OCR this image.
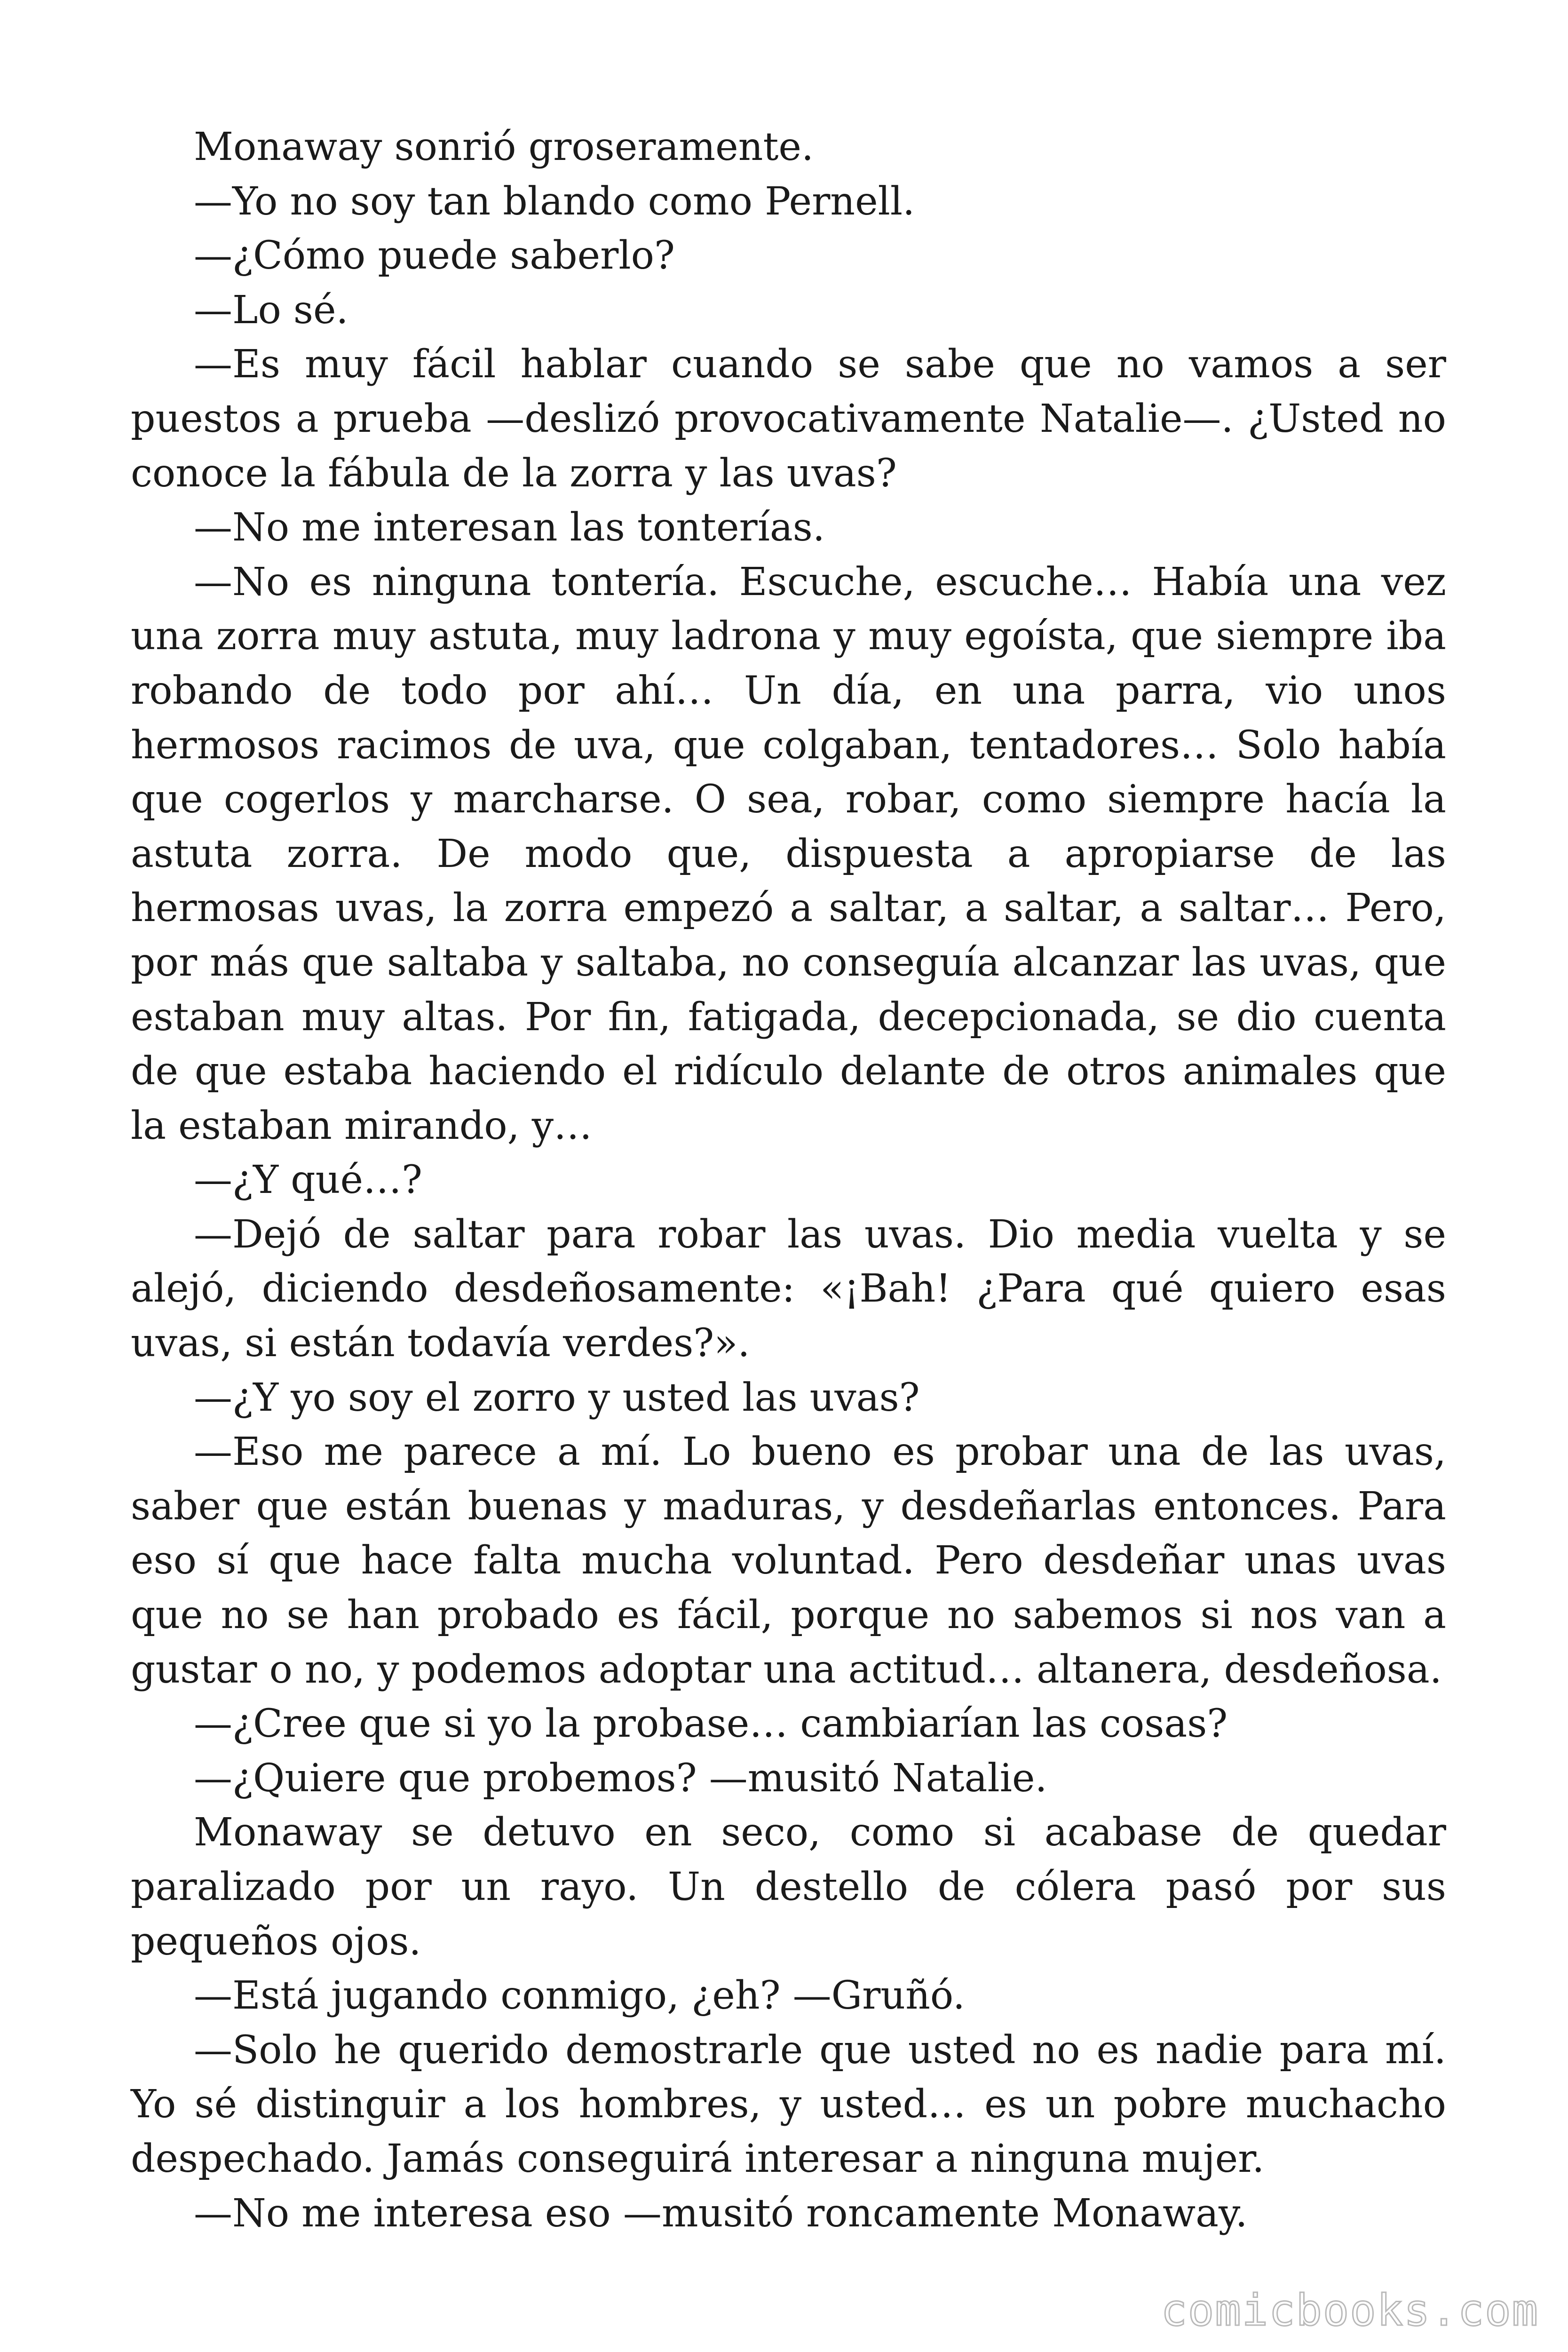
Monaway sonrió groseramente.

—Yo no soy tan blando como Pernell.

—¿Cómo puede saberlo?

—Lo sé.

—Es muy fácil hablar cuando se sabe que no vamos a ser puestos a prueba —deslizó provocativamente Natalie—. ¿Usted no conoce la fábula de la zorra y las uvas?

—No me interesan las tonterías.

—No es ninguna tontería. Escuche, escuche… Había una vez una zorra muy astuta, muy ladrona y muy egoísta, que siempre iba robando de todo por ahí… Un día, en una parra, vio unos hermosos racimos de uva, que colgaban, tentadores… Solo había que cogerlos y marcharse. O sea, robar, como siempre hacía la astuta zorra. De modo que, dispuesta a apropiarse de las hermosas uvas, la zorra empezó a saltar, a saltar, a saltar… Pero, por más que saltaba y saltaba, no conseguía alcanzar las uvas, que estaban muy altas. Por fin, fatigada, decepcionada, se dio cuenta de que estaba haciendo el ridículo delante de otros animales que la estaban mirando, y…

—¿Y qué…?

—Dejó de saltar para robar las uvas. Dio media vuelta y se alejó, diciendo desdeñosamente: «¡Bah! ¿Para qué quiero esas uvas, si están todavía verdes?».

—¿Y yo soy el zorro y usted las uvas?

—Eso me parece a mí. Lo bueno es probar una de las uvas, saber que están buenas y maduras, y desdeñarlas entonces. Para eso sí que hace falta mucha voluntad. Pero desdeñar unas uvas que no se han probado es fácil, porque no sabemos si nos van a gustar o no, y podemos adoptar una actitud… altanera, desdeñosa.

—¿Cree que si yo la probase… cambiarían las cosas?

—¿Quiere que probemos? —musitó Natalie.

Monaway se detuvo en seco, como si acabase de quedar paralizado por un rayo. Un destello de cólera pasó por sus pequeños ojos.

—Está jugando conmigo, ¿eh? —Gruñó.

—Solo he querido demostrarle que usted no es nadie para mí. Yo sé distinguir a los hombres, y usted… es un pobre muchacho despechado. Jamás conseguirá interesar a ninguna mujer.

—No me interesa eso —musitó roncamente Monaway.

comicbooks.com
